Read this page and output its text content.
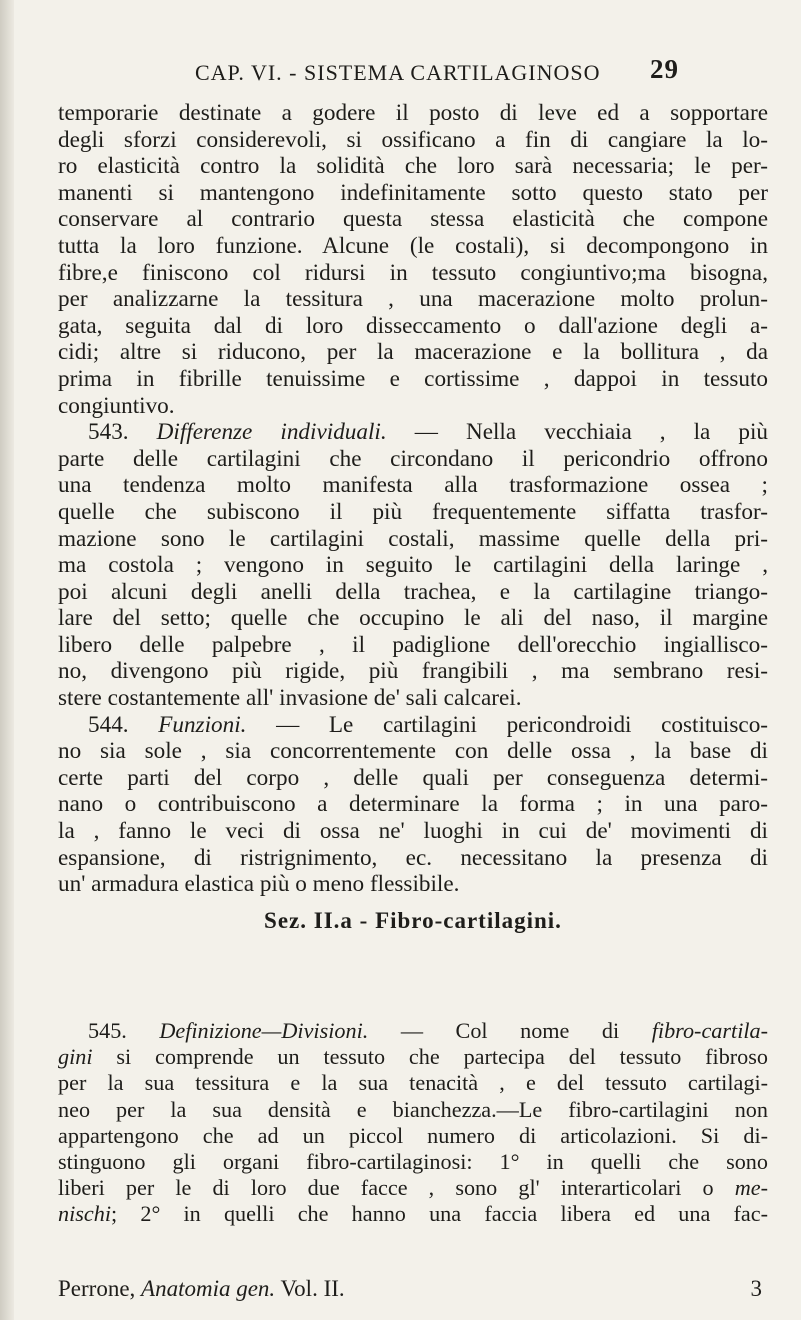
CAP. VI. - SISTEMA CARTILAGINOSO 29
temporarie destinate a godere il posto di leve ed a sopportare
degli sforzi considerevoli, si ossificano a fin di cangiare la lo-
ro elasticità contro la solidità che loro sarà necessaria; le per-
manenti si mantengono indefinitamente sotto questo stato per
conservare al contrario questa stessa elasticità che compone
tutta la loro funzione. Alcune (le costali), si decompongono in
fibre,e finiscono col ridursi in tessuto congiuntivo;ma bisogna,
per analizzarne la tessitura , una macerazione molto prolun-
gata, seguita dal di loro disseccamento o dall'azione degli a-
cidi; altre si riducono, per la macerazione e la bollitura , da
prima in fibrille tenuissime e cortissime , dappoi in tessuto
congiuntivo.
543. Differenze individuali. — Nella vecchiaia , la più
parte delle cartilagini che circondano il pericondrio offrono
una tendenza molto manifesta alla trasformazione ossea ;
quelle che subiscono il più frequentemente siffatta trasfor-
mazione sono le cartilagini costali, massime quelle della pri-
ma costola ; vengono in seguito le cartilagini della laringe ,
poi alcuni degli anelli della trachea, e la cartilagine triango-
lare del setto; quelle che occupino le ali del naso, il margine
libero delle palpebre , il padiglione dell'orecchio ingiallisco-
no, divengono più rigide, più frangibili , ma sembrano resi-
stere costantemente all' invasione de' sali calcarei.
544. Funzioni. — Le cartilagini pericondroidi costituisco-
no sia sole , sia concorrentemente con delle ossa , la base di
certe parti del corpo , delle quali per conseguenza determi-
nano o contribuiscono a determinare la forma ; in una paro-
la , fanno le veci di ossa ne' luoghi in cui de' movimenti di
espansione, di ristrignimento, ec. necessitano la presenza di
un' armadura elastica più o meno flessibile.
Sez. II.a - Fibro-cartilagini.
545. Definizione—Divisioni. — Col nome di fibro-cartila-
gini si comprende un tessuto che partecipa del tessuto fibroso
per la sua tessitura e la sua tenacità , e del tessuto cartilagi-
neo per la sua densità e bianchezza.—Le fibro-cartilagini non
appartengono che ad un piccol numero di articolazioni. Si di-
stinguono gli organi fibro-cartilaginosi: 1° in quelli che sono
liberi per le di loro due facce , sono gl' interarticolari o me-
nischi; 2° in quelli che hanno una faccia libera ed una fac-
Perrone, Anatomia gen. Vol. II.	3
